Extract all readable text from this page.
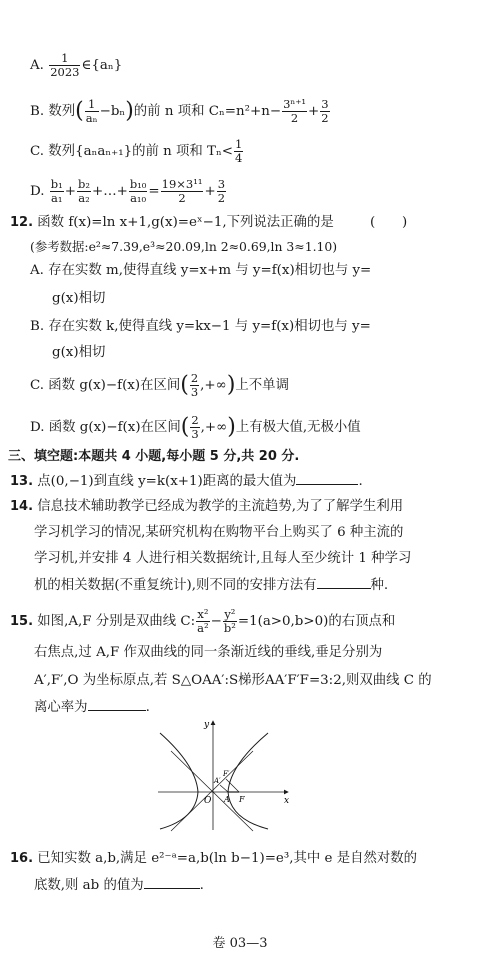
A. $\frac{1}{2023}$ ∈{aₙ}
B. 数列( $\frac{1}{\text{aₙ}} -b_n$)的前 n 项和 $C_n=n^2+n- \frac{\text{3ⁿ⁺¹}}{2} + \frac{3}{2}$
C. 数列{aₙaₙ₊₁}的前 n 项和 $T_n< \frac{1}{4}$
D. $\frac{\text{b₁}}{\text{a₁}} + \frac{\text{b₂}}{\text{a₂}}$ +…+ $\frac{\text{b₁₀}}{\text{a₁₀}} = \frac{\text{19×3¹¹}}{2} + \frac{3}{2}$
12. 函数 f(x)=ln x+1,g(x)=eˣ−1,下列说法正确的是	(　　)
(参考数据:e²≈7.39,e³≈20.09,ln 2≈0.69,ln 3≈1.10)
A. 存在实数 m,使得直线 y=x+m 与 y=f(x)相切也与 y=
g(x)相切
B. 存在实数 k,使得直线 y=kx−1 与 y=f(x)相切也与 y=
g(x)相切
C. 函数 g(x)−f(x)在区间( $\frac{2}{3}$ ,+∞)上不单调
D. 函数 g(x)−f(x)在区间( $\frac{2}{3}$ ,+∞)上有极大值,无极小值
三、填空题:本题共 4 小题,每小题 5 分,共 20 分.
13. 点(0,−1)到直线 y=k(x+1)距离的最大值为	.
14. 信息技术辅助教学已经成为教学的主流趋势,为了了解学生利用
学习机学习的情况,某研究机构在购物平台上购买了 6 种主流的
学习机,并安排 4 人进行相关数据统计,且每人至少统计 1 种学习
机的相关数据(不重复统计),则不同的安排方法有	种.
15. 如图,A,F 分别是双曲线 C: $\frac{\text{x²}}{\text{a²}} - \frac{\text{y²}}{\text{b²}} =1(a>0,b>0)$的右顶点和
右焦点,过 A,F 作双曲线的同一条渐近线的垂线,垂足分别为
A′,F′,O 为坐标原点,若 S△OAA′:S梯形AA′F′F=3:2,则双曲线 C 的
离心率为	.
y
x
O A F
A′
F′
16. 已知实数 a,b,满足 e²⁻ᵃ=a,b(ln b−1)=e³,其中 e 是自然对数的
底数,则 ab 的值为	.
卷 03—3
